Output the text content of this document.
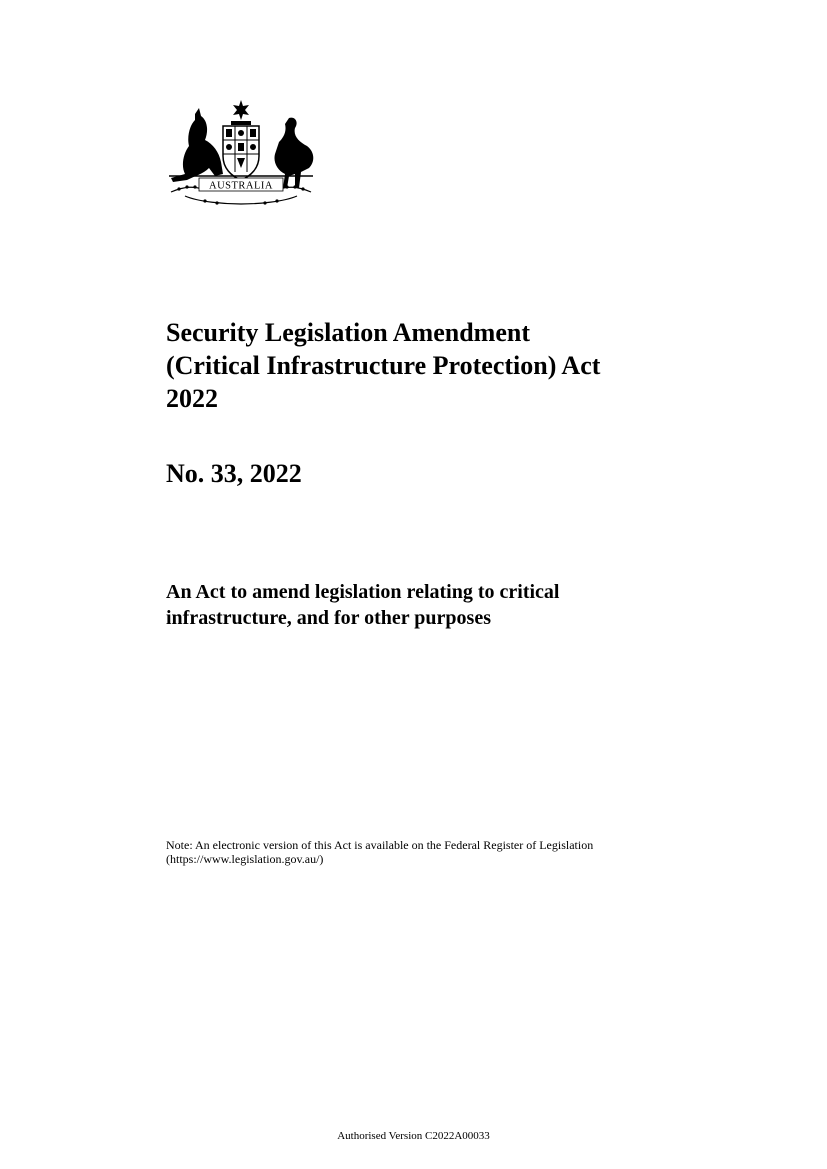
AUSTRALIA
Security Legislation Amendment
(Critical Infrastructure Protection) Act
2022
No. 33, 2022

An Act to amend legislation relating to critical
infrastructure, and for other purposes

Note: An electronic version of this Act is available on the Federal Register of Legislation
(https://www.legislation.gov.au/)

Authorised Version C2022A00033
